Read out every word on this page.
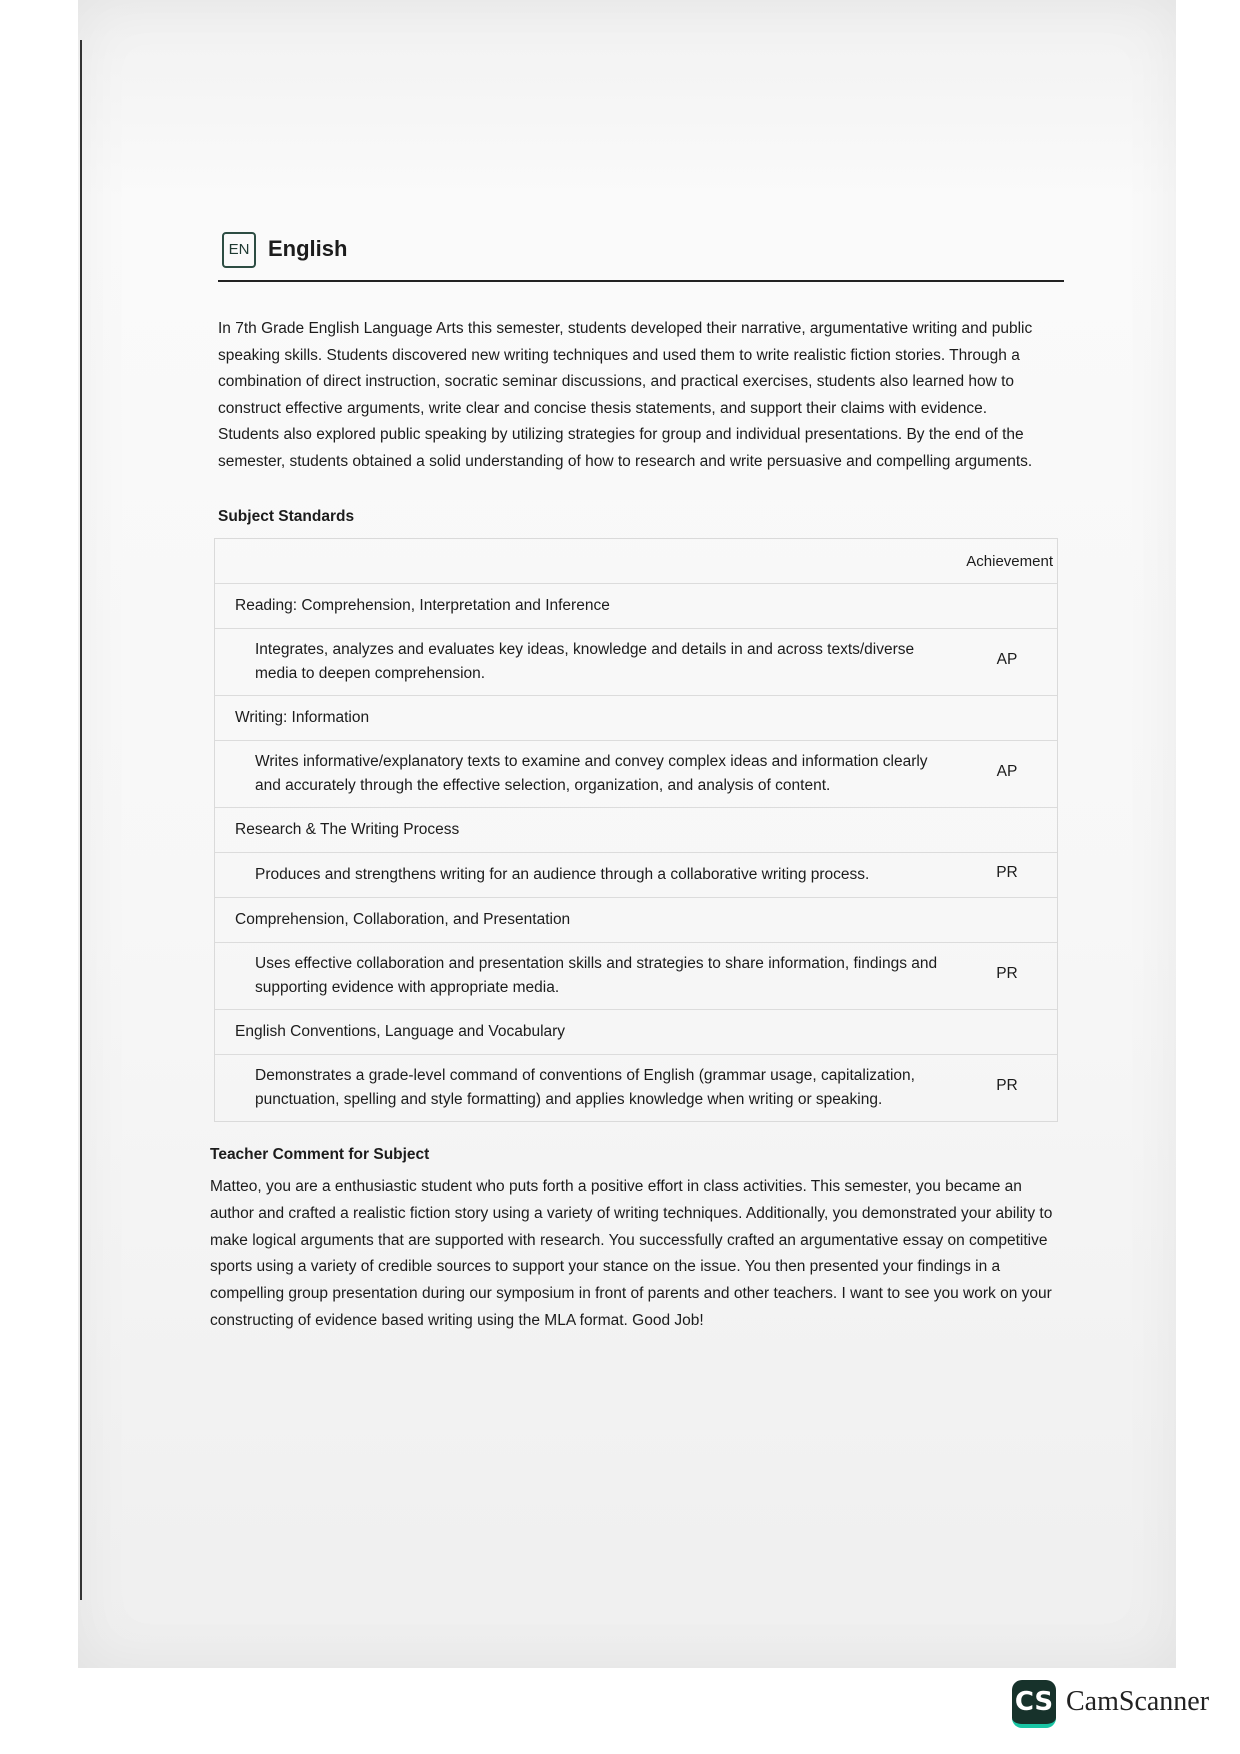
EN English

In 7th Grade English Language Arts this semester, students developed their narrative, argumentative writing and public speaking skills. Students discovered new writing techniques and used them to write realistic fiction stories. Through a combination of direct instruction, socratic seminar discussions, and practical exercises, students also learned how to construct effective arguments, write clear and concise thesis statements, and support their claims with evidence. Students also explored public speaking by utilizing strategies for group and individual presentations. By the end of the semester, students obtained a solid understanding of how to research and write persuasive and compelling arguments.

Subject Standards
Achievement
Reading: Comprehension, Interpretation and Inference
Integrates, analyzes and evaluates key ideas, knowledge and details in and across texts/diverse media to deepen comprehension.
AP
Writing: Information
Writes informative/explanatory texts to examine and convey complex ideas and information clearly and accurately through the effective selection, organization, and analysis of content.
AP
Research & The Writing Process
Produces and strengthens writing for an audience through a collaborative writing process.	PR
Comprehension, Collaboration, and Presentation
Uses effective collaboration and presentation skills and strategies to share information, findings and supporting evidence with appropriate media.
PR
English Conventions, Language and Vocabulary
Demonstrates a grade-level command of conventions of English (grammar usage, capitalization, punctuation, spelling and style formatting) and applies knowledge when writing or speaking.
PR
Teacher Comment for Subject

Matteo, you are a enthusiastic student who puts forth a positive effort in class activities. This semester, you became an author and crafted a realistic fiction story using a variety of writing techniques. Additionally, you demonstrated your ability to make logical arguments that are supported with research. You successfully crafted an argumentative essay on competitive sports using a variety of credible sources to support your stance on the issue. You then presented your findings in a compelling group presentation during our symposium in front of parents and other teachers. I want to see you work on your constructing of evidence based writing using the MLA format. Good Job!

CS CamScanner
